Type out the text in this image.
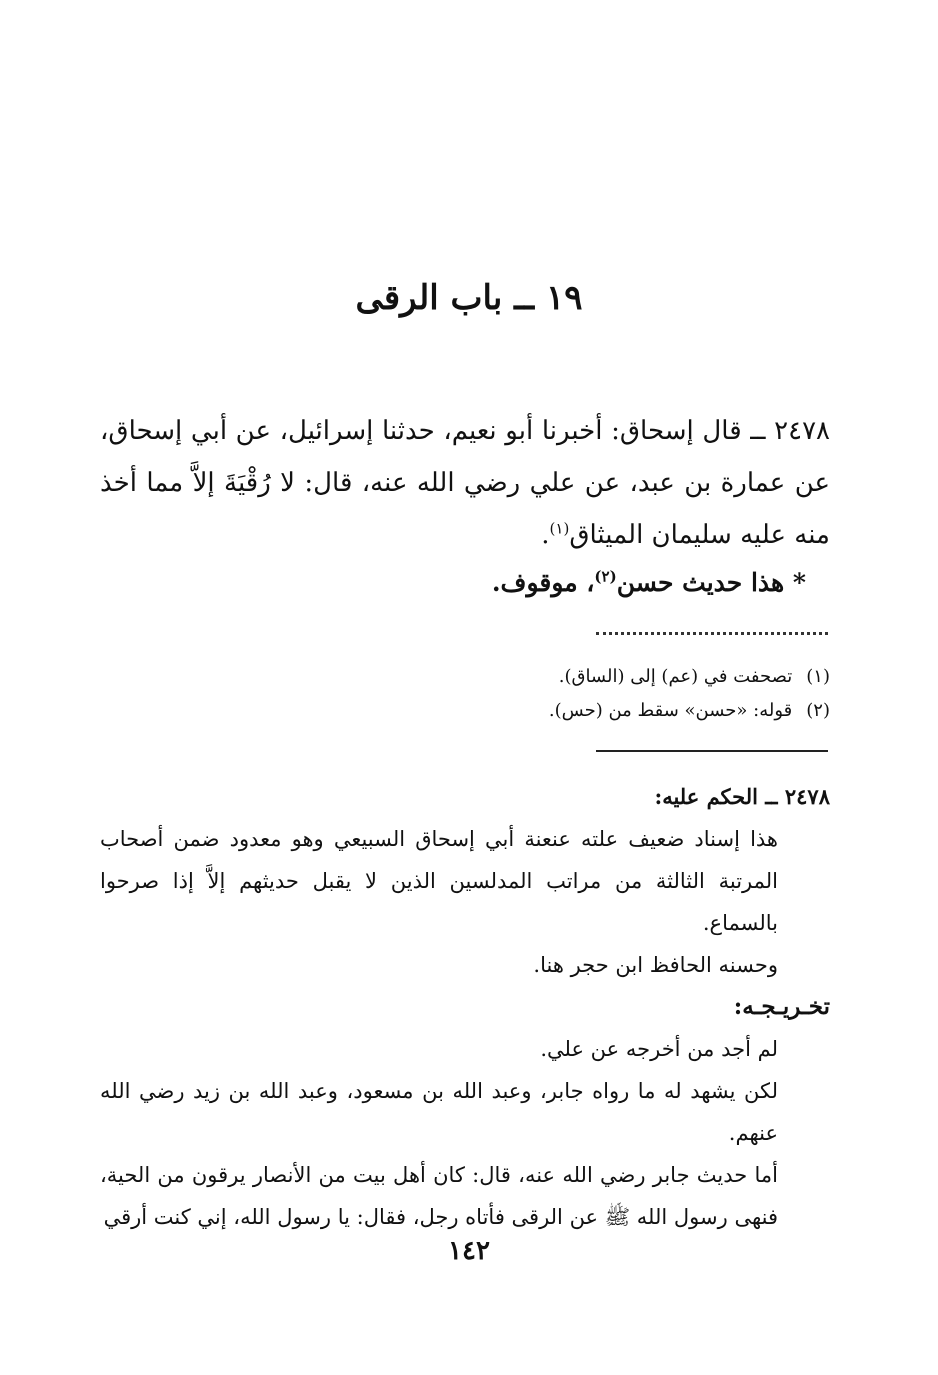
١٩ ــ باب الرقى

٢٤٧٨ ــ قال إسحاق: أخبرنا أبو نعيم، حدثنا إسرائيل، عن أبي إسحاق، عن عمارة بن عبد، عن علي رضي الله عنه، قال: لا رُقْيَةَ إلاَّ مما أخذ منه عليه سليمان الميثاق$^{(١)}$.

* هذا حديث حسن$^{(٢)}$، موقوف.
(١)تصحفت في (عم) إلى (الساق).
(٢)قوله: «حسن» سقط من (حس).

٢٤٧٨ ــ الحكم عليه:

هذا إسناد ضعيف علته عنعنة أبي إسحاق السبيعي وهو معدود ضمن أصحاب المرتبة الثالثة من مراتب المدلسين الذين لا يقبل حديثهم إلاَّ إذا صرحوا بالسماع.

وحسنه الحافظ ابن حجر هنا.

تخـريـجـه:

لم أجد من أخرجه عن علي.

لكن يشهد له ما رواه جابر، وعبد الله بن مسعود، وعبد الله بن زيد رضي الله عنهم.

أما حديث جابر رضي الله عنه، قال: كان أهل بيت من الأنصار يرقون من الحية، فنهى رسول الله ﷺ عن الرقى فأتاه رجل، فقال: يا رسول الله، إني كنت أرقي

١٤٢
